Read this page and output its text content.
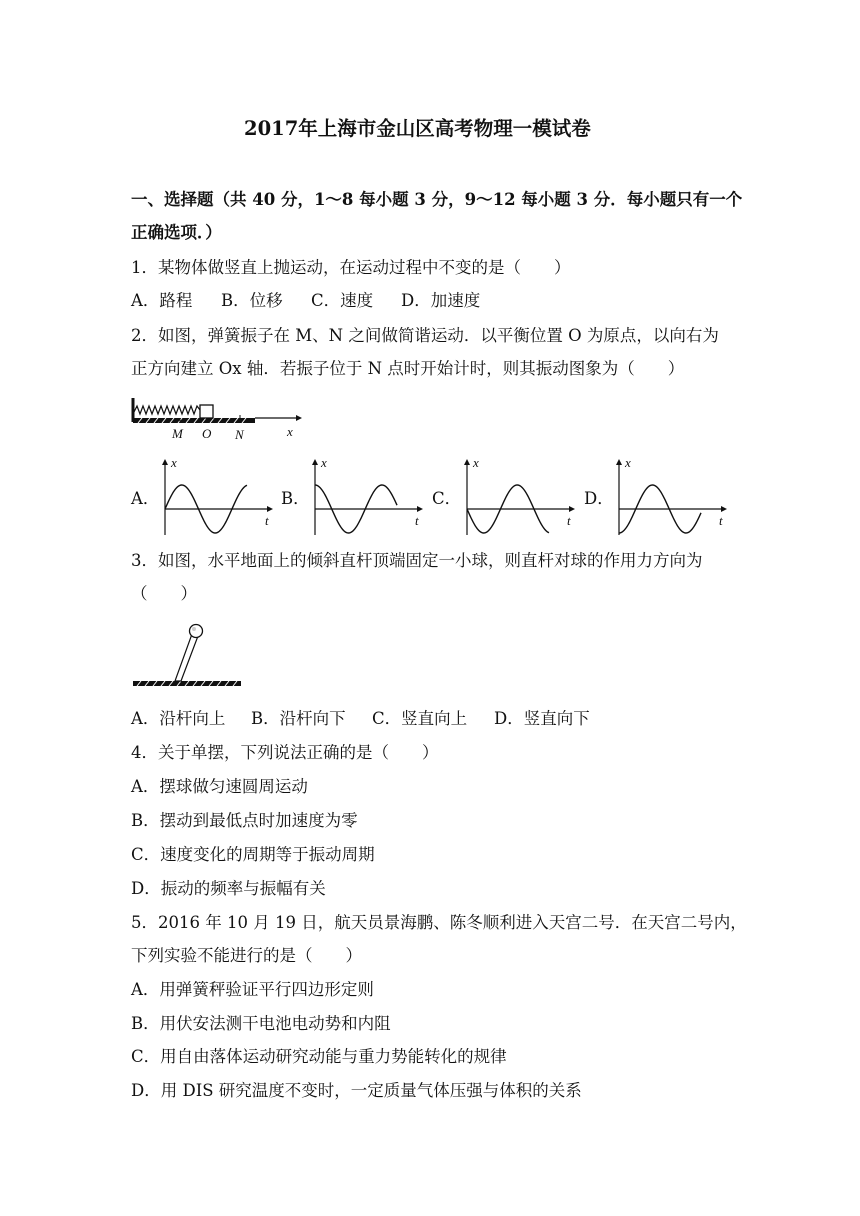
2017年上海市金山区高考物理一模试卷
一、选择题（共 40 分，1～8 每小题 3 分，9～12 每小题 3 分．每小题只有一个
正确选项．）
1．某物体做竖直上抛运动，在运动过程中不变的是（　　）
A．路程 B．位移 C．速度 D．加速度
2．如图，弹簧振子在 M、N 之间做简谐运动．以平衡位置 O 为原点，以向右为
正方向建立 Ox 轴．若振子位于 N 点时开始计时，则其振动图象为（　　）
M O N	x
A．	B．	C．	D．
x
t
x
t
x
t
x
t
3．如图，水平地面上的倾斜直杆顶端固定一小球，则直杆对球的作用力方向为
（　　）
A．沿杆向上 B．沿杆向下 C．竖直向上 D．竖直向下
4．关于单摆，下列说法正确的是（　　）
A．摆球做匀速圆周运动
B．摆动到最低点时加速度为零
C．速度变化的周期等于振动周期
D．振动的频率与振幅有关
5．2016 年 10 月 19 日，航天员景海鹏、陈冬顺利进入天宫二号．在天宫二号内，
下列实验不能进行的是（　　）
A．用弹簧秤验证平行四边形定则
B．用伏安法测干电池电动势和内阻
C．用自由落体运动研究动能与重力势能转化的规律
D．用 DIS 研究温度不变时，一定质量气体压强与体积的关系
